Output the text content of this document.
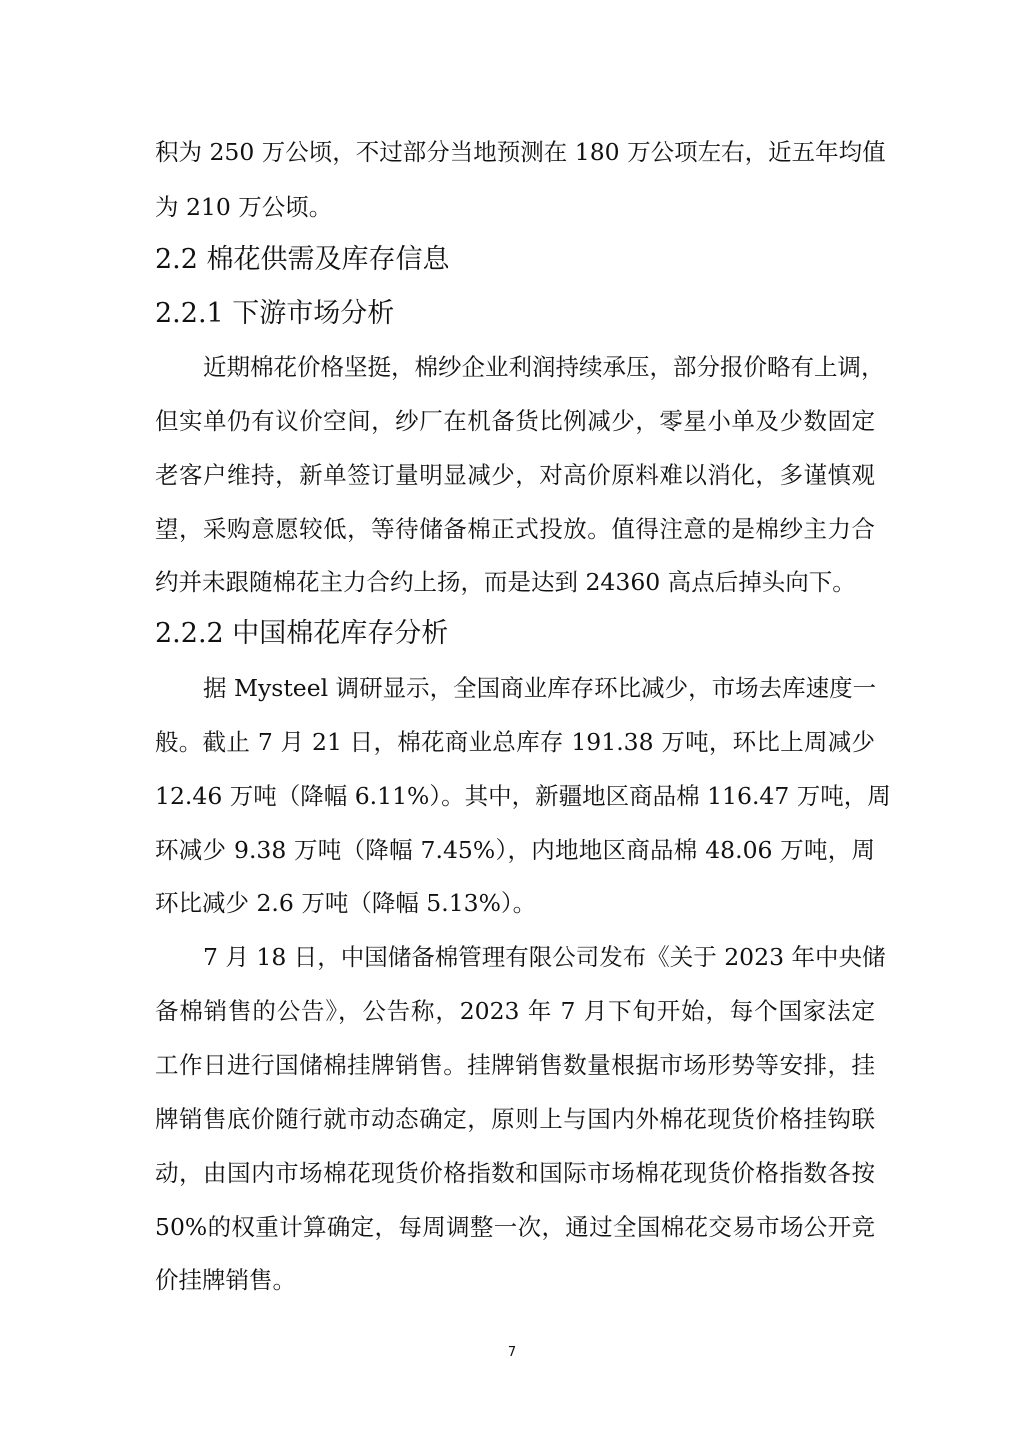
积为 250 万公顷，不过部分当地预测在 180 万公项左右，近五年均值
为 210 万公顷。
2.2 棉花供需及库存信息
2.2.1 下游市场分析
近期棉花价格坚挺，棉纱企业利润持续承压，部分报价略有上调，
但实单仍有议价空间，纱厂在机备货比例减少，零星小单及少数固定
老客户维持，新单签订量明显减少，对高价原料难以消化，多谨慎观
望，采购意愿较低，等待储备棉正式投放。值得注意的是棉纱主力合
约并未跟随棉花主力合约上扬，而是达到 24360 高点后掉头向下。
2.2.2 中国棉花库存分析
据 Mysteel 调研显示，全国商业库存环比减少，市场去库速度一
般。截止 7 月 21 日，棉花商业总库存 191.38 万吨，环比上周减少
12.46 万吨（降幅 6.11%）。其中，新疆地区商品棉 116.47 万吨，周
环减少 9.38 万吨（降幅 7.45%），内地地区商品棉 48.06 万吨，周
环比减少 2.6 万吨（降幅 5.13%）。
7 月 18 日，中国储备棉管理有限公司发布《关于 2023 年中央储
备棉销售的公告》，公告称，2023 年 7 月下旬开始，每个国家法定
工作日进行国储棉挂牌销售。挂牌销售数量根据市场形势等安排，挂
牌销售底价随行就市动态确定，原则上与国内外棉花现货价格挂钩联
动，由国内市场棉花现货价格指数和国际市场棉花现货价格指数各按
50%的权重计算确定，每周调整一次，通过全国棉花交易市场公开竞
价挂牌销售。
7
